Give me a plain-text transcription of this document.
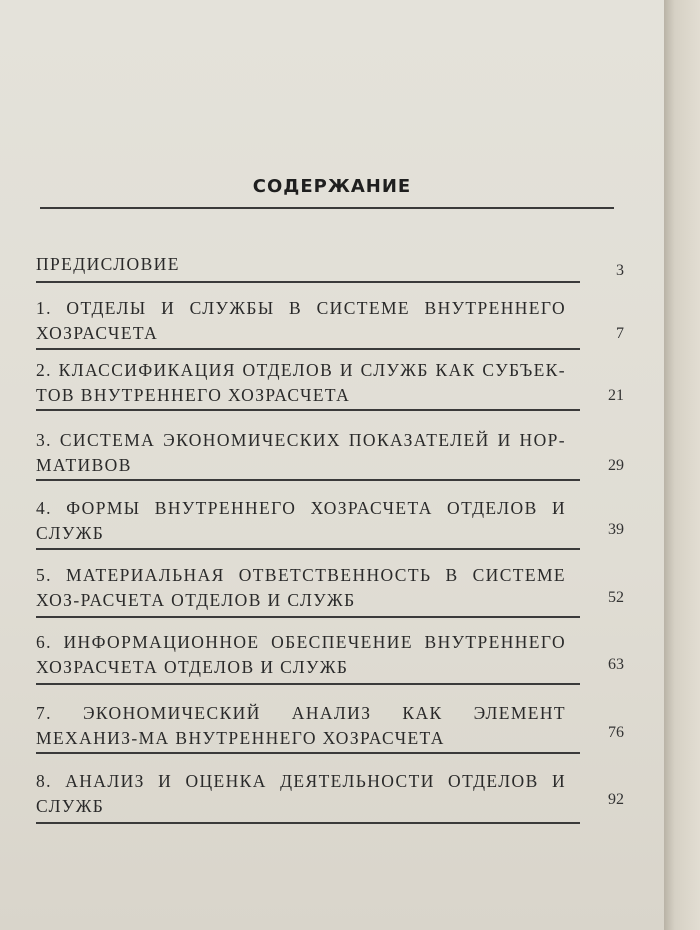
СОДЕРЖАНИЕ
ПРЕДИСЛОВИЕ	3
1. ОТДЕЛЫ И СЛУЖБЫ В СИСТЕМЕ ВНУТРЕННЕГО ХОЗРАСЧЕТА	7
2. КЛАССИФИКАЦИЯ ОТДЕЛОВ И СЛУЖБ КАК СУБЪЕК-ТОВ ВНУТРЕННЕГО ХОЗРАСЧЕТА	21
3. СИСТЕМА ЭКОНОМИЧЕСКИХ ПОКАЗАТЕЛЕЙ И НОР-МАТИВОВ	29
4. ФОРМЫ ВНУТРЕННЕГО ХОЗРАСЧЕТА ОТДЕЛОВ И СЛУЖБ	39
5. МАТЕРИАЛЬНАЯ ОТВЕТСТВЕННОСТЬ В СИСТЕМЕ ХОЗ-РАСЧЕТА ОТДЕЛОВ И СЛУЖБ	52
6. ИНФОРМАЦИОННОЕ ОБЕСПЕЧЕНИЕ ВНУТРЕННЕГО ХОЗРАСЧЕТА ОТДЕЛОВ И СЛУЖБ	63
7. ЭКОНОМИЧЕСКИЙ АНАЛИЗ КАК ЭЛЕМЕНТ МЕХАНИЗ-МА ВНУТРЕННЕГО ХОЗРАСЧЕТА	76
8. АНАЛИЗ И ОЦЕНКА ДЕЯТЕЛЬНОСТИ ОТДЕЛОВ И СЛУЖБ	92
